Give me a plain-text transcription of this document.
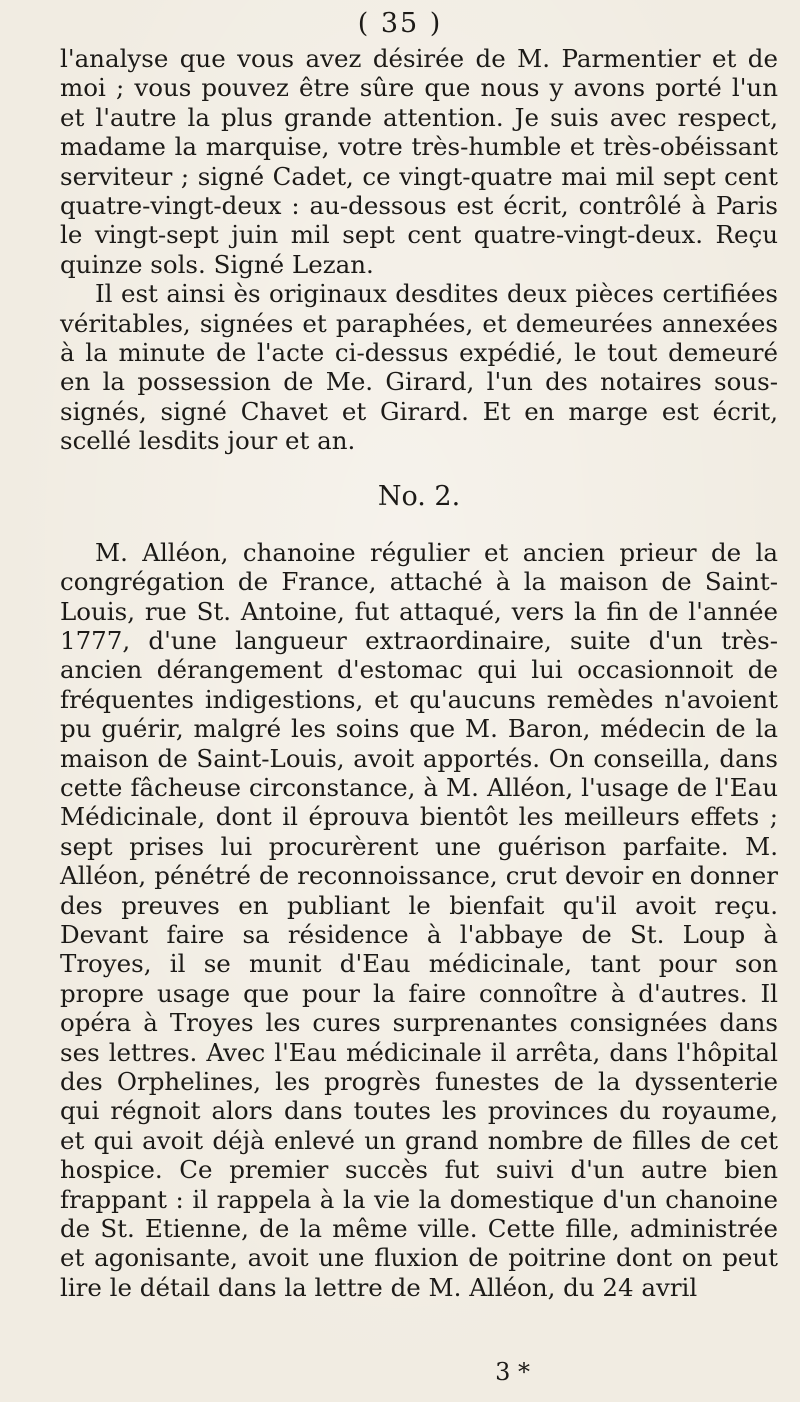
( 35 )

l'analyse que vous avez désirée de M. Parmentier et de moi ; vous pouvez être sûre que nous y avons porté l'un et l'autre la plus grande attention. Je suis avec respect, madame la marquise, votre très-humble et très-obéissant serviteur ; signé Cadet, ce vingt-quatre mai mil sept cent quatre-vingt-deux : au-dessous est écrit, contrôlé à Paris le vingt-sept juin mil sept cent quatre-vingt-deux. Reçu quinze sols. Signé Lezan.

Il est ainsi ès originaux desdites deux pièces certifiées véritables, signées et paraphées, et demeurées annexées à la minute de l'acte ci-dessus expédié, le tout demeuré en la possession de Me. Girard, l'un des notaires sous-signés, signé Chavet et Girard. Et en marge est écrit, scellé lesdits jour et an.

No. 2.

M. Alléon, chanoine régulier et ancien prieur de la congrégation de France, attaché à la maison de Saint-Louis, rue St. Antoine, fut attaqué, vers la fin de l'année 1777, d'une langueur extraordinaire, suite d'un très-ancien dérangement d'estomac qui lui occasionnoit de fréquentes indigestions, et qu'aucuns remèdes n'avoient pu guérir, malgré les soins que M. Baron, médecin de la maison de Saint-Louis, avoit apportés. On conseilla, dans cette fâcheuse circonstance, à M. Alléon, l'usage de l'Eau Médicinale, dont il éprouva bientôt les meilleurs effets ; sept prises lui procurèrent une guérison parfaite. M. Alléon, pénétré de reconnoissance, crut devoir en donner des preuves en publiant le bienfait qu'il avoit reçu. Devant faire sa résidence à l'abbaye de St. Loup à Troyes, il se munit d'Eau médicinale, tant pour son propre usage que pour la faire connoître à d'autres. Il opéra à Troyes les cures surprenantes consignées dans ses lettres. Avec l'Eau médicinale il arrêta, dans l'hôpital des Orphelines, les progrès funestes de la dyssenterie qui régnoit alors dans toutes les provinces du royaume, et qui avoit déjà enlevé un grand nombre de filles de cet hospice. Ce premier succès fut suivi d'un autre bien frappant : il rappela à la vie la domestique d'un chanoine de St. Etienne, de la même ville. Cette fille, administrée et agonisante, avoit une fluxion de poitrine dont on peut lire le détail dans la lettre de M. Alléon, du 24 avril

3 *
